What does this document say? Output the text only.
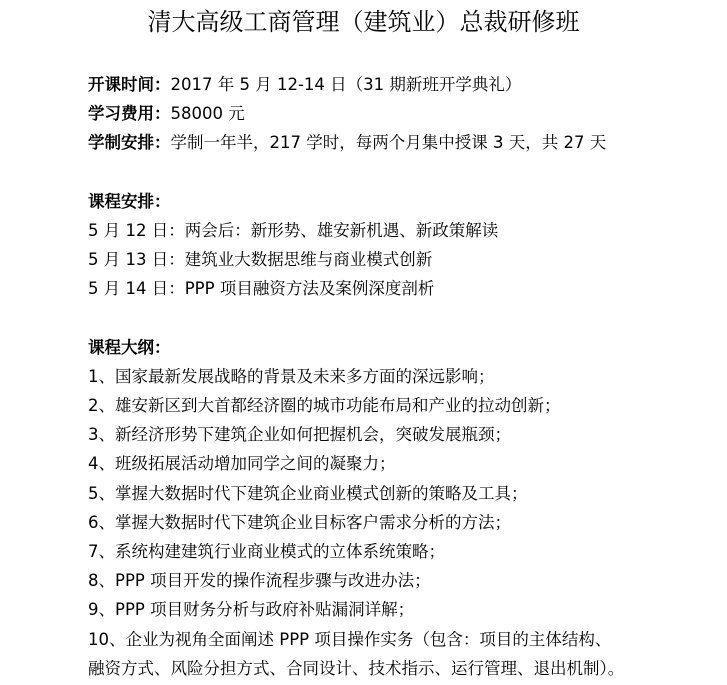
清大高级工商管理（建筑业）总裁研修班
开课时间：2017 年 5 月 12-14 日（31 期新班开学典礼）
学习费用：58000 元
学制安排：学制一年半，217 学时，每两个月集中授课 3 天，共 27 天
课程安排：
5 月 12 日：两会后：新形势、雄安新机遇、新政策解读
5 月 13 日：建筑业大数据思维与商业模式创新
5 月 14 日：PPP 项目融资方法及案例深度剖析
课程大纲：
1、国家最新发展战略的背景及未来多方面的深远影响；
2、雄安新区到大首都经济圈的城市功能布局和产业的拉动创新；
3、新经济形势下建筑企业如何把握机会，突破发展瓶颈；
4、班级拓展活动增加同学之间的凝聚力；
5、掌握大数据时代下建筑企业商业模式创新的策略及工具；
6、掌握大数据时代下建筑企业目标客户需求分析的方法；
7、系统构建建筑行业商业模式的立体系统策略；
8、PPP 项目开发的操作流程步骤与改进办法；
9、PPP 项目财务分析与政府补贴漏洞详解；
10、企业为视角全面阐述 PPP 项目操作实务（包含：项目的主体结构、
融资方式、风险分担方式、合同设计、技术指示、运行管理、退出机制）。
